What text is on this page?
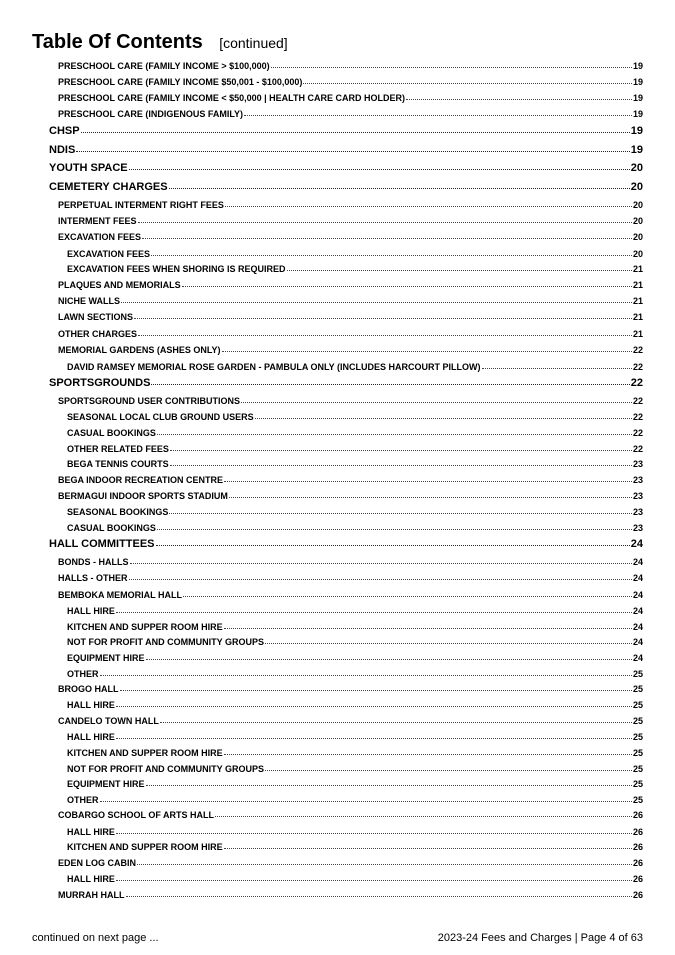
Table Of Contents [continued]
PRESCHOOL CARE (FAMILY INCOME > $100,000)	19
PRESCHOOL CARE (FAMILY INCOME $50,001 - $100,000)	19
PRESCHOOL CARE (FAMILY INCOME < $50,000 | HEALTH CARE CARD HOLDER)	19
PRESCHOOL CARE (INDIGENOUS FAMILY)	19
CHSP	19
NDIS	19
YOUTH SPACE	20
CEMETERY CHARGES	20
PERPETUAL INTERMENT RIGHT FEES	20
INTERMENT FEES	20
EXCAVATION FEES	20
EXCAVATION FEES	20
EXCAVATION FEES WHEN SHORING IS REQUIRED	21
PLAQUES AND MEMORIALS	21
NICHE WALLS	21
LAWN SECTIONS	21
OTHER CHARGES	21
MEMORIAL GARDENS (ASHES ONLY)	22
DAVID RAMSEY MEMORIAL ROSE GARDEN - PAMBULA ONLY (INCLUDES HARCOURT PILLOW)	22
SPORTSGROUNDS	22
SPORTSGROUND USER CONTRIBUTIONS	22
SEASONAL LOCAL CLUB GROUND USERS	22
CASUAL BOOKINGS	22
OTHER RELATED FEES	22
BEGA TENNIS COURTS	23
BEGA INDOOR RECREATION CENTRE	23
BERMAGUI INDOOR SPORTS STADIUM	23
SEASONAL BOOKINGS	23
CASUAL BOOKINGS	23
HALL COMMITTEES	24
BONDS - HALLS	24
HALLS - OTHER	24
BEMBOKA MEMORIAL HALL	24
HALL HIRE	24
KITCHEN AND SUPPER ROOM HIRE	24
NOT FOR PROFIT AND COMMUNITY GROUPS	24
EQUIPMENT HIRE	24
OTHER	25
BROGO HALL	25
HALL HIRE	25
CANDELO TOWN HALL	25
HALL HIRE	25
KITCHEN AND SUPPER ROOM HIRE	25
NOT FOR PROFIT AND COMMUNITY GROUPS	25
EQUIPMENT HIRE	25
OTHER	25
COBARGO SCHOOL OF ARTS HALL	26
HALL HIRE	26
KITCHEN AND SUPPER ROOM HIRE	26
EDEN LOG CABIN	26
HALL HIRE	26
MURRAH HALL	26
continued on next page ...	2023-24 Fees and Charges | Page 4 of 63
